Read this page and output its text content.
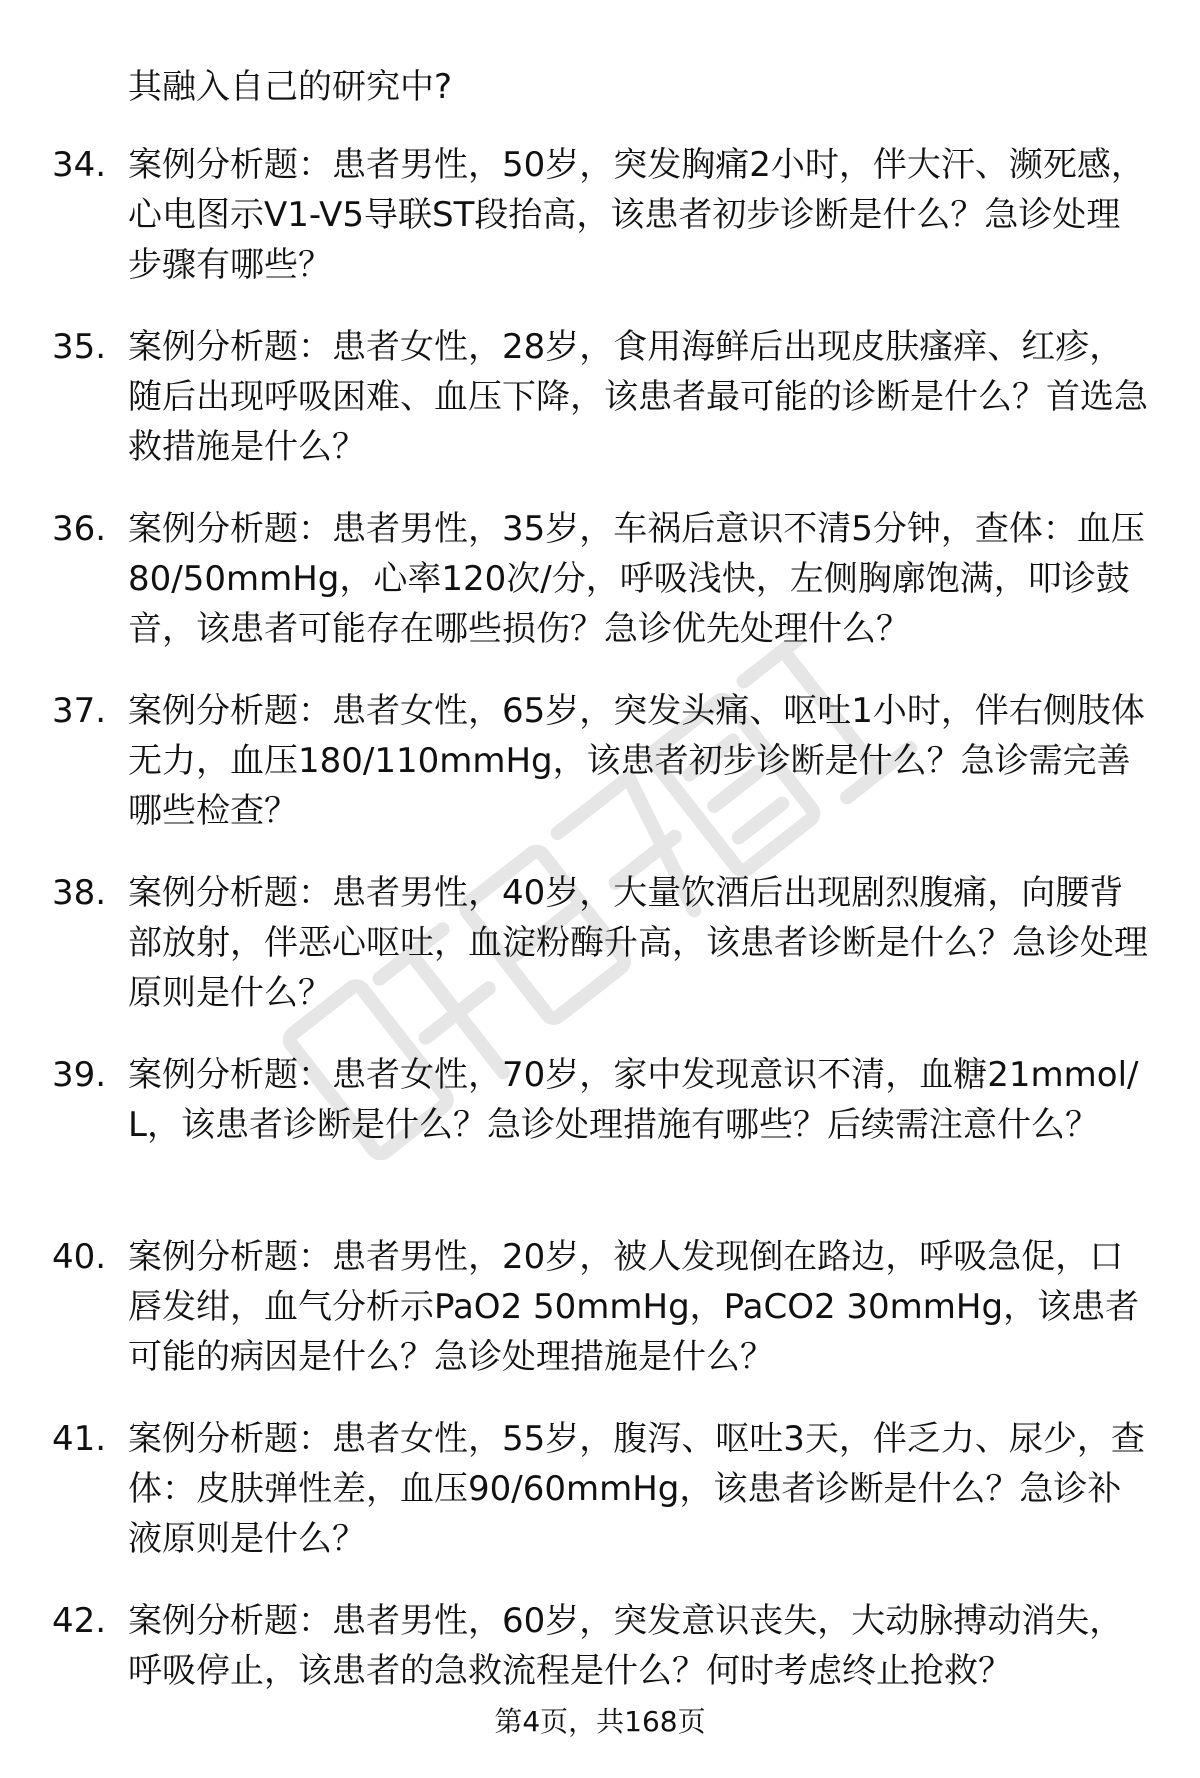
其融入自己的研究中?
34. 案例分析题：患者男性，50岁，突发胸痛2小时，伴大汗、濒死感，心电图示V1-V5导联ST段抬高，该患者初步诊断是什么？急诊处理步骤有哪些？
35. 案例分析题：患者女性，28岁，食用海鲜后出现皮肤瘙痒、红疹，随后出现呼吸困难、血压下降，该患者最可能的诊断是什么？首选急救措施是什么？
36. 案例分析题：患者男性，35岁，车祸后意识不清5分钟，查体：血压80/50mmHg，心率120次/分，呼吸浅快，左侧胸廓饱满，叩诊鼓音，该患者可能存在哪些损伤？急诊优先处理什么？
37. 案例分析题：患者女性，65岁，突发头痛、呕吐1小时，伴右侧肢体无力，血压180/110mmHg，该患者初步诊断是什么？急诊需完善哪些检查？
38. 案例分析题：患者男性，40岁，大量饮酒后出现剧烈腹痛，向腰背部放射，伴恶心呕吐，血淀粉酶升高，该患者诊断是什么？急诊处理原则是什么？
39. 案例分析题：患者女性，70岁，家中发现意识不清，血糖21mmol/L，该患者诊断是什么？急诊处理措施有哪些？后续需注意什么？
40. 案例分析题：患者男性，20岁，被人发现倒在路边，呼吸急促，口唇发绀，血气分析示PaO2 50mmHg，PaCO2 30mmHg，该患者可能的病因是什么？急诊处理措施是什么？
41. 案例分析题：患者女性，55岁，腹泻、呕吐3天，伴乏力、尿少，查体：皮肤弹性差，血压90/60mmHg，该患者诊断是什么？急诊补液原则是什么？
42. 案例分析题：患者男性，60岁，突发意识丧失，大动脉搏动消失，呼吸停止，该患者的急救流程是什么？何时考虑终止抢救？
第4页，共168页
